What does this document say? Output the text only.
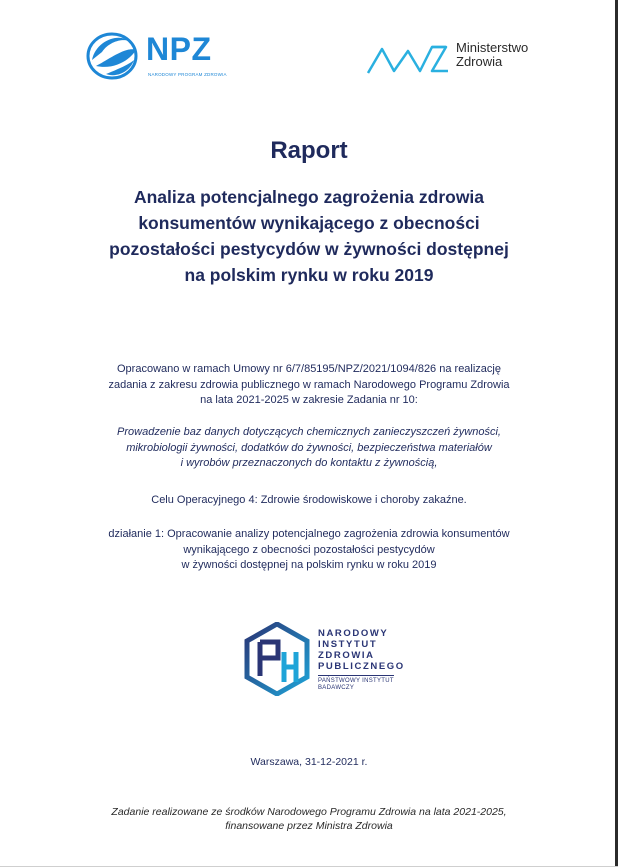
NPZ
NARODOWY PROGRAM ZDROWIA
Ministerstwo
Zdrowia
Raport
Analiza potencjalnego zagrożenia zdrowia
konsumentów wynikającego z obecności
pozostałości pestycydów w żywności dostępnej
na polskim rynku w roku 2019
Opracowano w ramach Umowy nr 6/7/85195/NPZ/2021/1094/826 na realizację
zadania z zakresu zdrowia publicznego w ramach Narodowego Programu Zdrowia
na lata 2021-2025 w zakresie Zadania nr 10:
Prowadzenie baz danych dotyczących chemicznych zanieczyszczeń żywności,
mikrobiologii żywności, dodatków do żywności, bezpieczeństwa materiałów
i wyrobów przeznaczonych do kontaktu z żywnością,
Celu Operacyjnego 4: Zdrowie środowiskowe i choroby zakaźne.
działanie 1: Opracowanie analizy potencjalnego zagrożenia zdrowia konsumentów
wynikającego z obecności pozostałości pestycydów
w żywności dostępnej na polskim rynku w roku 2019
NARODOWY
INSTYTUT
ZDROWIA
PUBLICZNEGO
PAŃSTWOWY INSTYTUT
BADAWCZY
Warszawa, 31-12-2021 r.
Zadanie realizowane ze środków Narodowego Programu Zdrowia na lata 2021-2025,
finansowane przez Ministra Zdrowia
